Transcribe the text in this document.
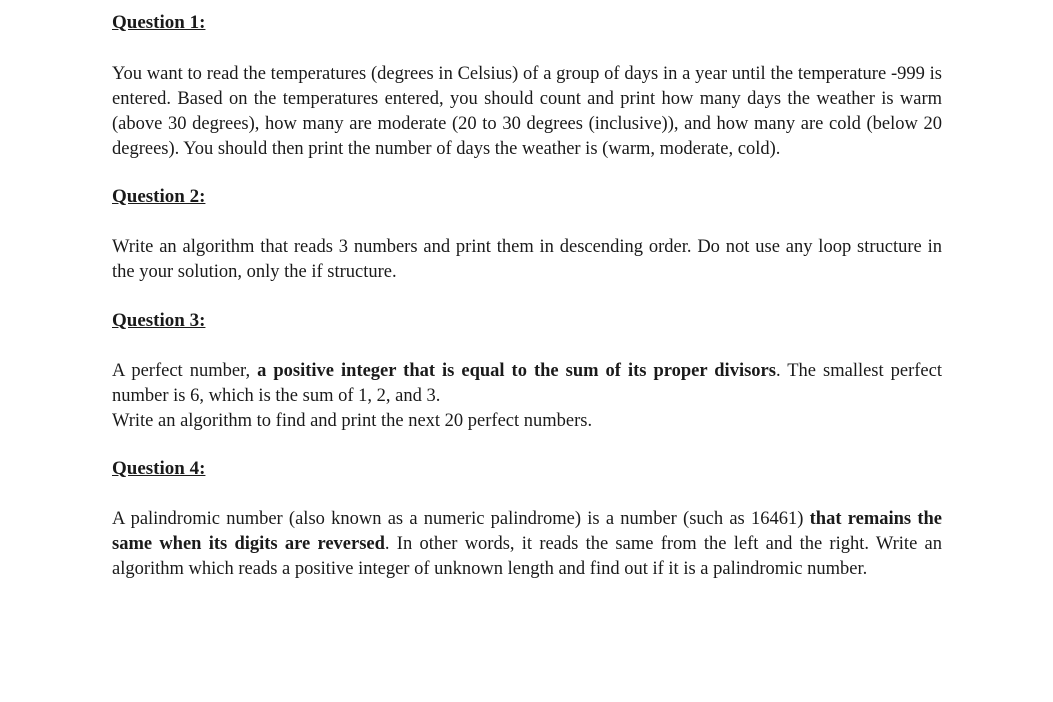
Question 1:

You want to read the temperatures (degrees in Celsius) of a group of days in a year until the temperature -999 is entered. Based on the temperatures entered, you should count and print how many days the weather is warm (above 30 degrees), how many are moderate (20 to 30 degrees (inclusive)), and how many are cold (below 20 degrees). You should then print the number of days the weather is (warm, moderate, cold).

Question 2:

Write an algorithm that reads 3 numbers and print them in descending order. Do not use any loop structure in the your solution, only the if structure.

Question 3:

A perfect number, a positive integer that is equal to the sum of its proper divisors. The smallest perfect number is 6, which is the sum of 1, 2, and 3.
Write an algorithm to find and print the next 20 perfect numbers.

Question 4:

A palindromic number (also known as a numeric palindrome) is a number (such as 16461) that remains the same when its digits are reversed. In other words, it reads the same from the left and the right. Write an algorithm which reads a positive integer of unknown length and find out if it is a palindromic number.
